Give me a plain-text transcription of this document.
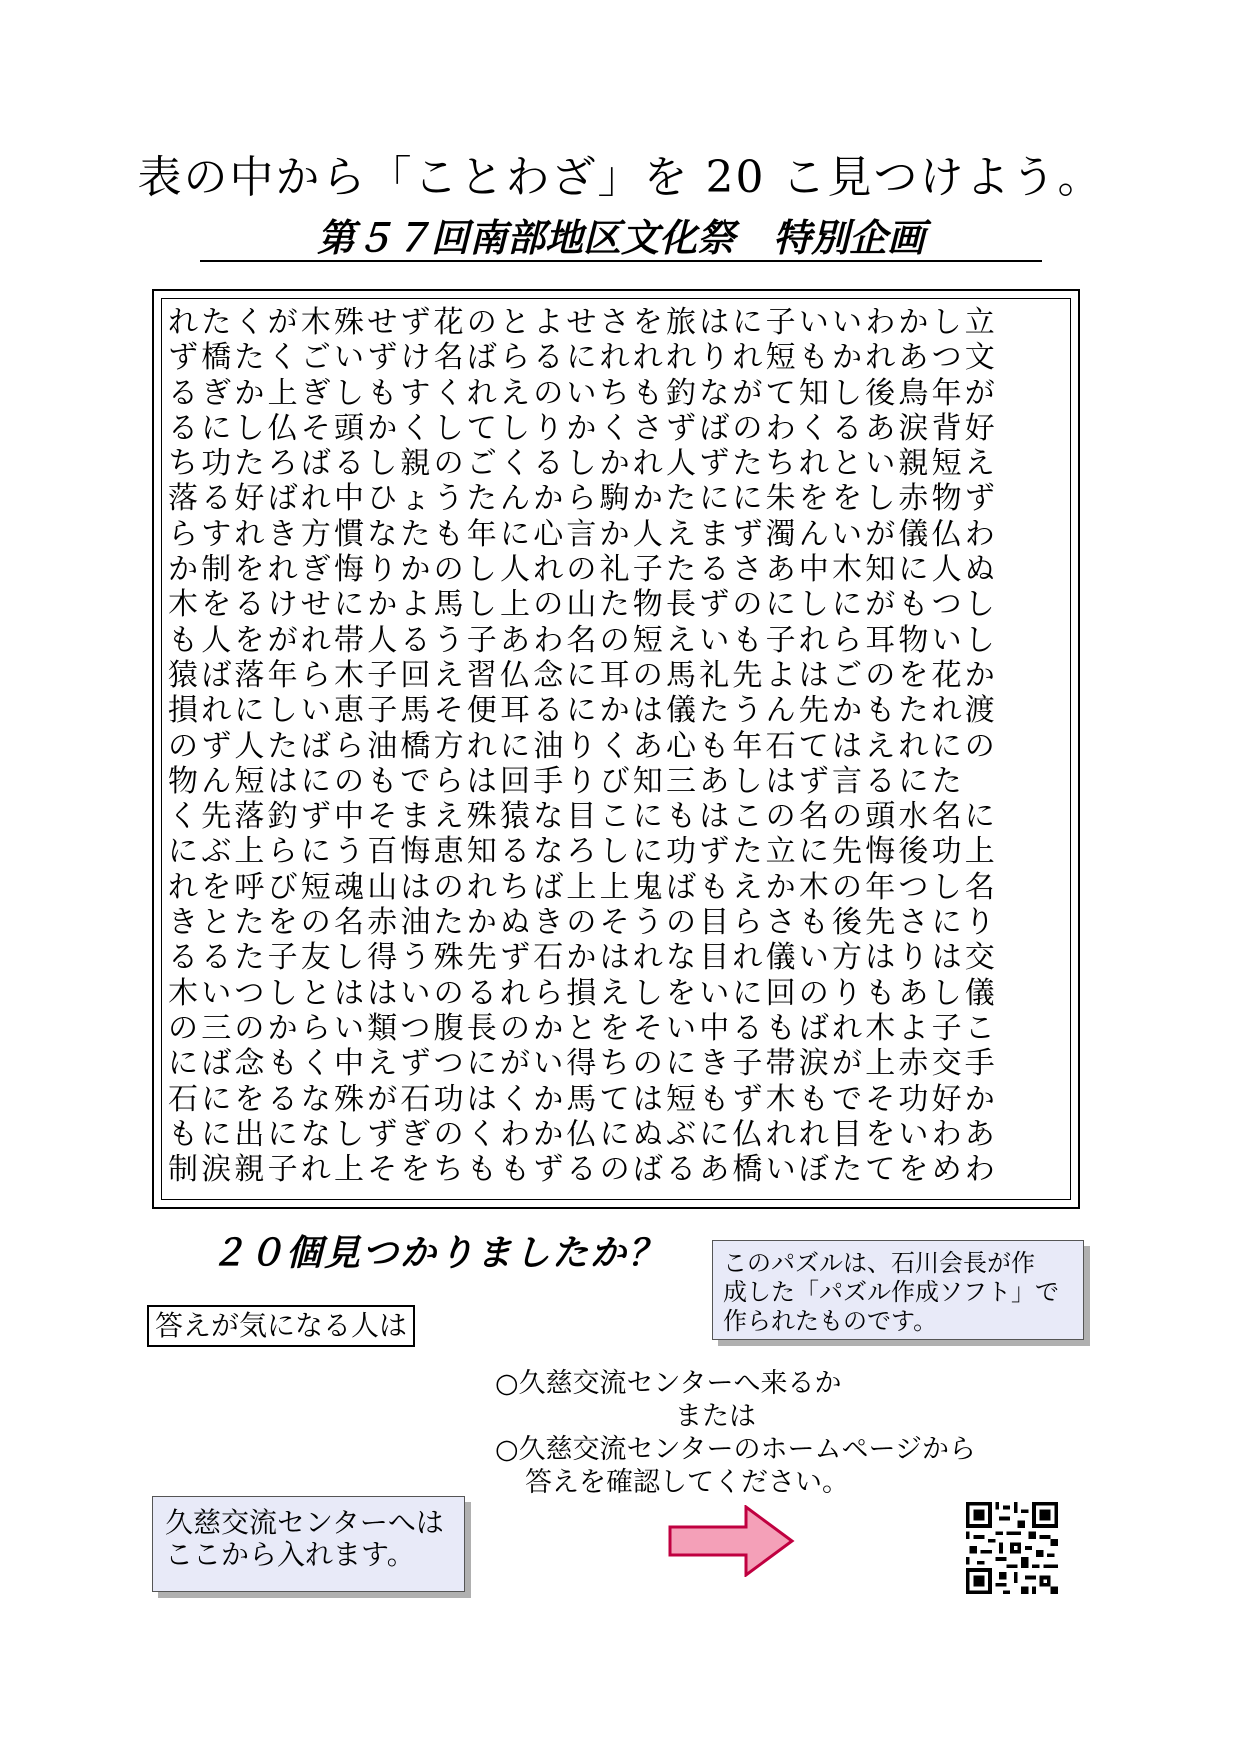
表の中から「ことわざ」を 20 こ見つけよう。
第５７回南部地区文化祭　特別企画
れたくが木殊せず花のとよせさを旅はに子いいわかし立
ず橋たくごいずけ名ばらるにれれれりれ短もかれあつ文
るぎか上ぎしもすくれえのいちも釣ながて知し後鳥年が
るにし仏そ頭かくしてしりかくさずばのわくるあ涙背好
ち功たろばるし親のごくるしかれ人ずたちれとい親短え
落る好ばれ中ひょうたんから駒かたにに朱ををし赤物ず
らすれき方慣なたも年に心言か人えまず濁んいが儀仏わ
か制をれぎ悔りかのし人れの礼子たるさあ中木知に人ぬ
木をるけせにかよ馬し上の山た物長ずのにしにがもつし
も人をがれ帯人るう子あわ名の短えいも子れら耳物いし
猿ば落年ら木子回え習仏念に耳の馬礼先よはごのを花か
損れにしい恵子馬そ便耳るにかは儀たうん先かもたれ渡
のず人たばら油橋方れに油りくあ心も年石てはえれにの
物ん短はにのもでらは回手りび知三あしはず言るにた
く先落釣ず中そまえ殊猿な目こにもはこの名の頭水名に
にぶ上らにう百悔恵知るなろしに功ずた立に先悔後功上
れを呼び短魂山はのれちば上上鬼ばもえか木の年つし名
きとたをの名赤油たかぬきのそうの目らさも後先さにり
るるた子友し得う殊先ず石かはれな目れ儀い方はりは交
木いつしとははいのるれら損えしをいに回のりもあし儀
の三のからい類つ腹長のかとをそい中るもばれ木よ子こ
にば念もく中えずつにがい得ちのにき子帯涙が上赤交手
石にをるな殊が石功はくか馬ては短もず木もでそ功好か
もに出になしずぎのくわか仏にぬぶに仏れれ目をいわあ
制涙親子れ上そをちももずるのばるあ橋いぼたてをめわ
２０個見つかりましたか？ このパズルは、石川会長が作
成した「パズル作成ソフト」で
作られたものです。
答えが気になる人は
○久慈交流センターへ来るか
または
○久慈交流センターのホームページから
答えを確認してください。
久慈交流センターへは
ここから入れます。
